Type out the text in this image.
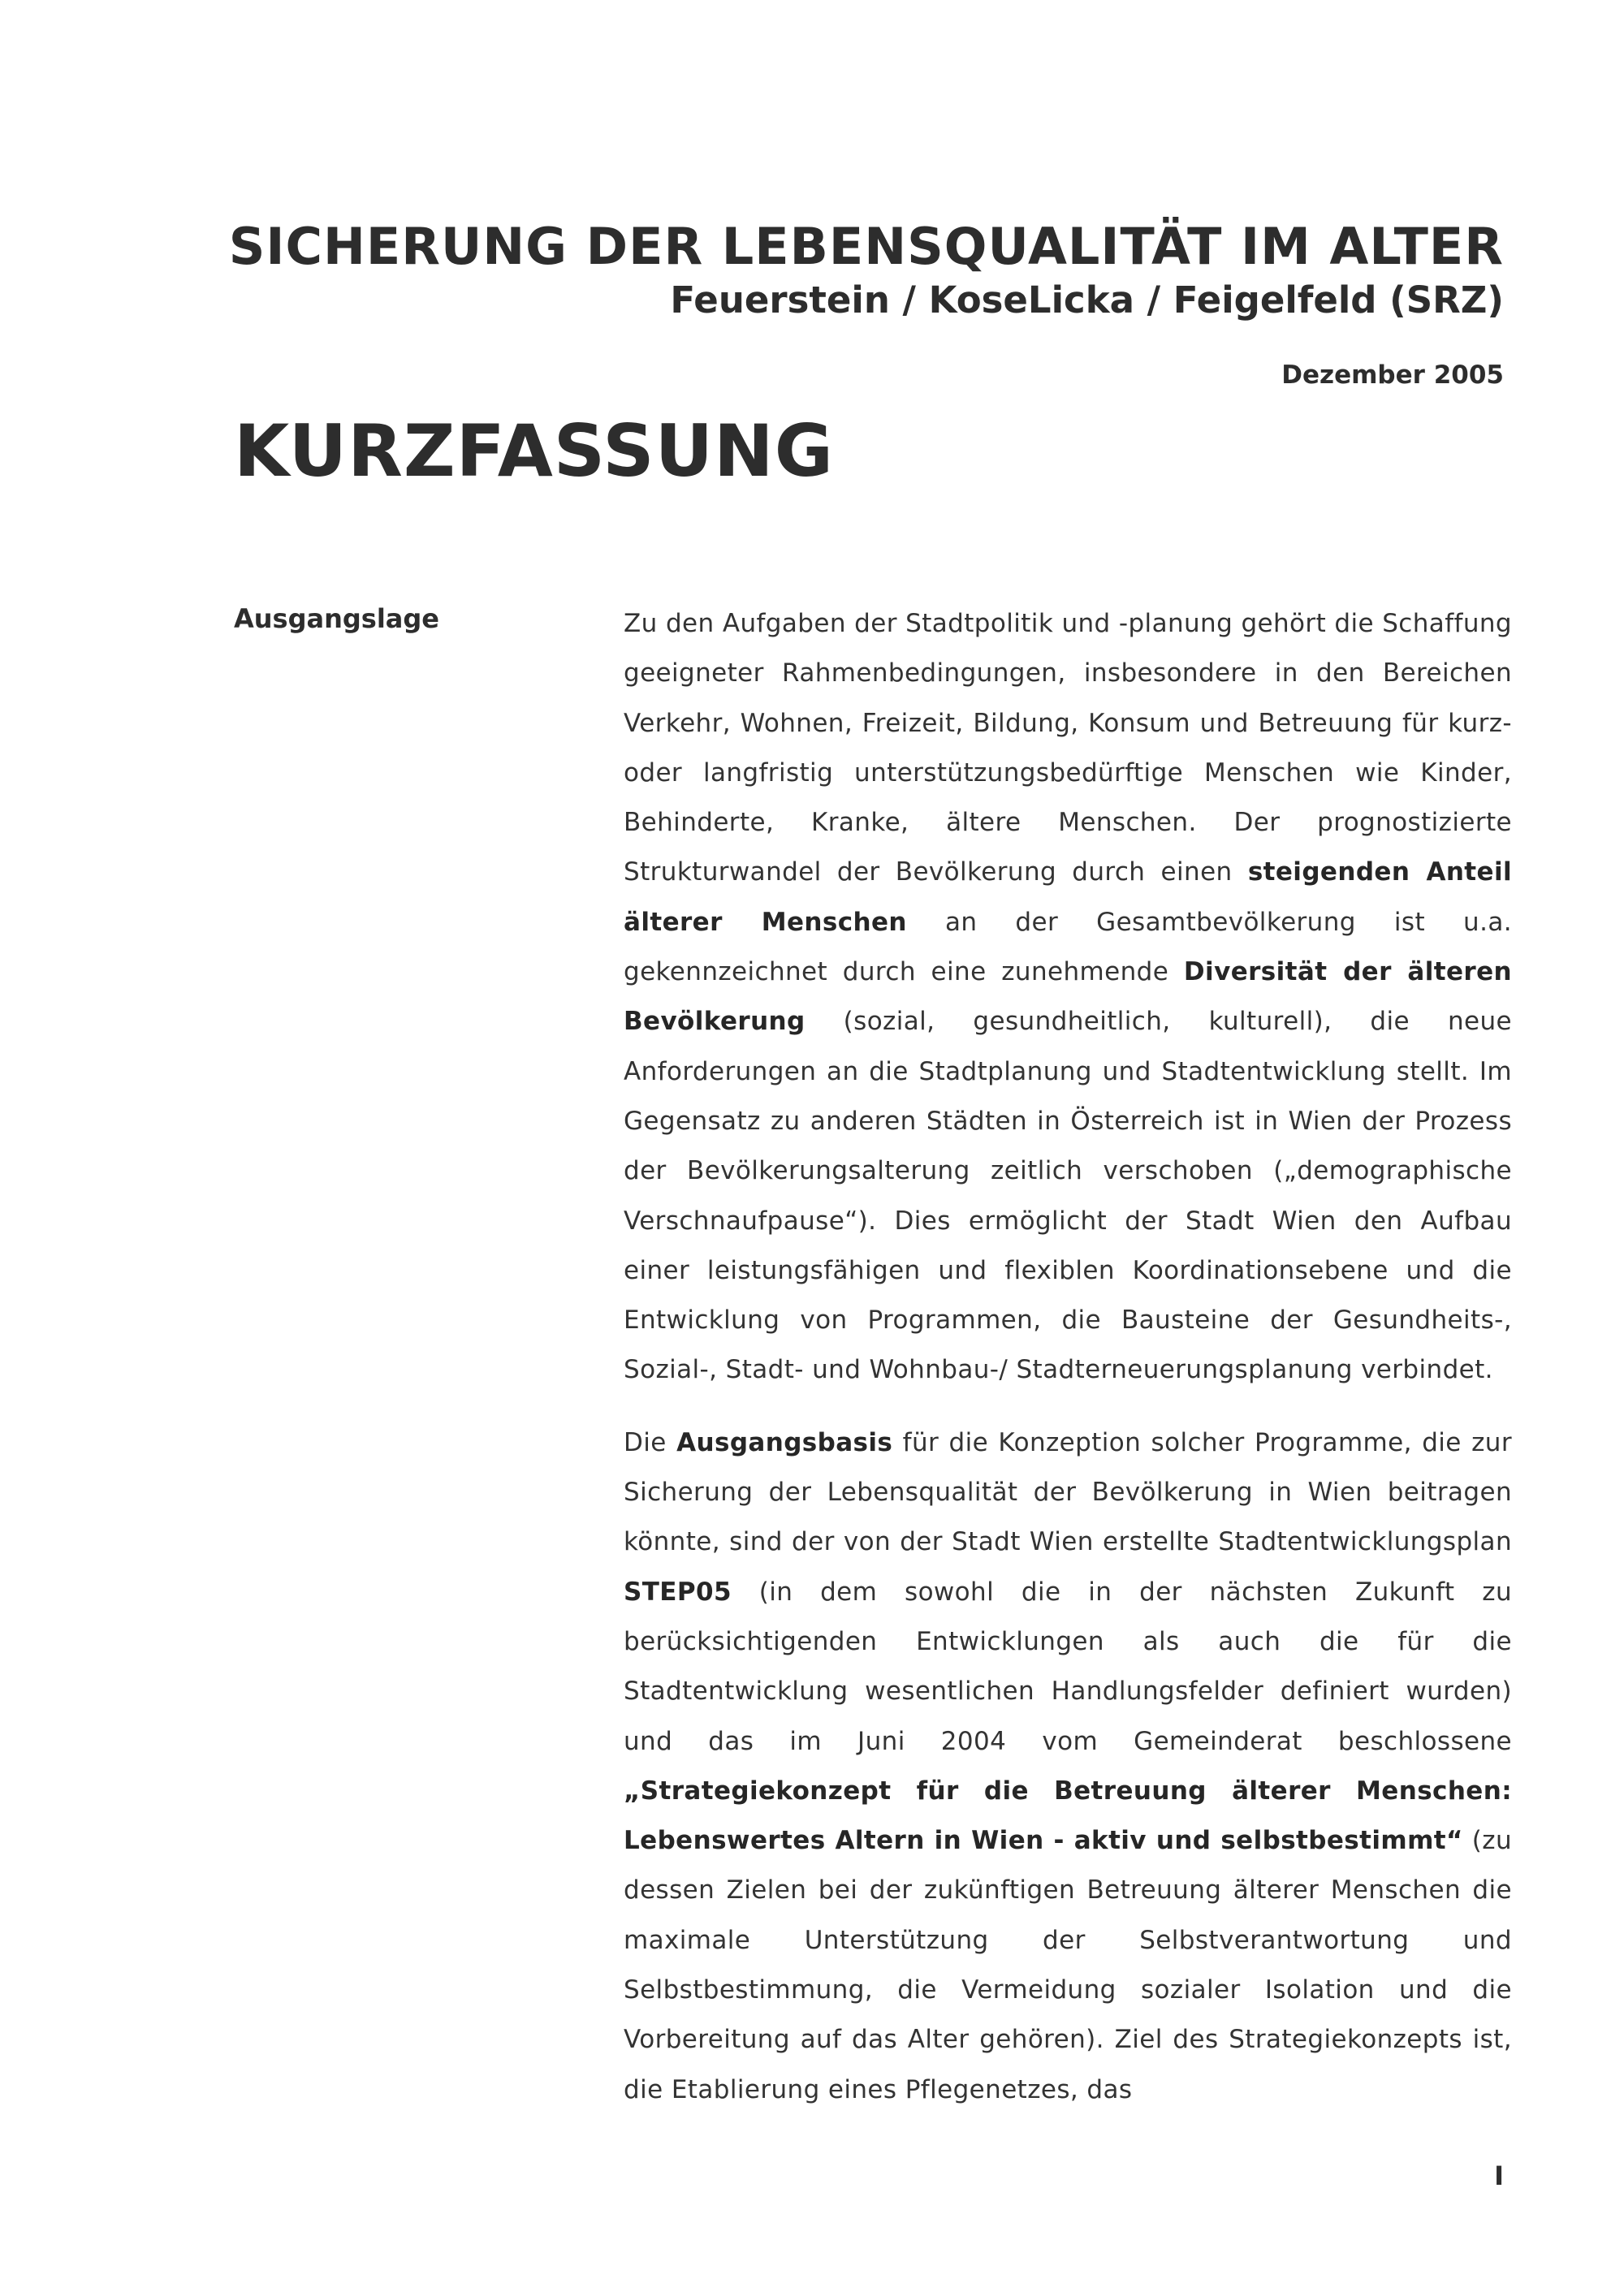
SICHERUNG DER LEBENSQUALITÄT IM ALTER
Feuerstein / KoseLicka / Feigelfeld (SRZ)
Dezember 2005
KURZFASSUNG
Ausgangslage	Zu den Aufgaben der Stadtpolitik und -planung gehört die Schaffung geeigneter Rahmenbedingungen, insbesondere in den Bereichen Verkehr, Wohnen, Freizeit, Bildung, Konsum und Betreuung für kurz- oder langfristig unterstützungsbedürftige Menschen wie Kinder, Behinderte, Kranke, ältere Menschen. Der prognostizierte Strukturwandel der Bevölkerung durch einen steigenden Anteil älterer Menschen an der Gesamtbevölkerung ist u.a. gekennzeichnet durch eine zunehmende Diversität der älteren Bevölkerung (sozial, gesundheitlich, kulturell), die neue Anforderungen an die Stadtplanung und Stadtentwicklung stellt. Im Gegensatz zu anderen Städten in Österreich ist in Wien der Prozess der Bevölkerungsalterung zeitlich verschoben („demographische Verschnaufpause“). Dies ermöglicht der Stadt Wien den Aufbau einer leistungsfähigen und flexiblen Koordinationsebene und die Entwicklung von Programmen, die Bausteine der Gesundheits-, Sozial-, Stadt- und Wohnbau-/ Stadterneuerungsplanung verbindet.

Die Ausgangsbasis für die Konzeption solcher Programme, die zur Sicherung der Lebensqualität der Bevölkerung in Wien beitragen könnte, sind der von der Stadt Wien erstellte Stadtentwicklungsplan STEP05 (in dem sowohl die in der nächsten Zukunft zu berücksichtigenden Entwicklungen als auch die für die Stadtentwicklung wesentlichen Handlungsfelder definiert wurden) und das im Juni 2004 vom Gemeinderat beschlossene „Strategiekonzept für die Betreuung älterer Menschen: Lebenswertes Altern in Wien - aktiv und selbstbestimmt“ (zu dessen Zielen bei der zukünftigen Betreuung älterer Menschen die maximale Unterstützung der Selbstverantwortung und Selbstbestimmung, die Vermeidung sozialer Isolation und die Vorbereitung auf das Alter gehören). Ziel des Strategiekonzepts ist, die Etablierung eines Pflegenetzes, das

I
